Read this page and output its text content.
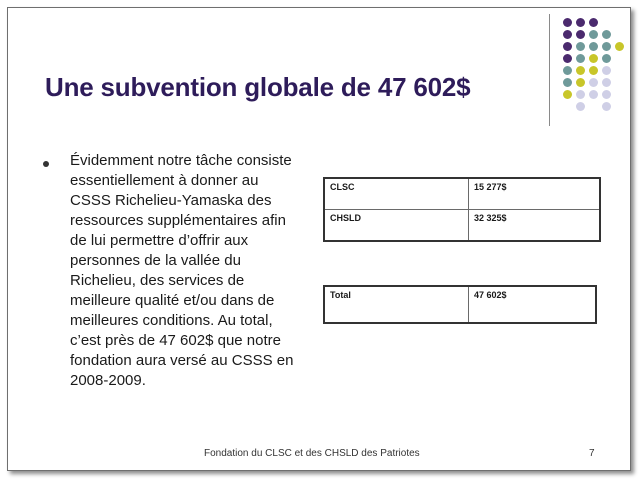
Une subvention globale de 47 602$
Évidemment notre tâche consiste
essentiellement à donner au
CSSS Richelieu-Yamaska des
ressources supplémentaires afin
de lui permettre d’offrir aux
personnes de la vallée du
Richelieu, des services de
meilleure qualité et/ou dans de
meilleures conditions. Au total,
c’est près de 47 602$ que notre
fondation aura versé au CSSS en
2008-2009.
CLSC	15 277$
CHSLD	32 325$
Total	47 602$
Fondation du CLSC et des CHSLD des Patriotes	7
